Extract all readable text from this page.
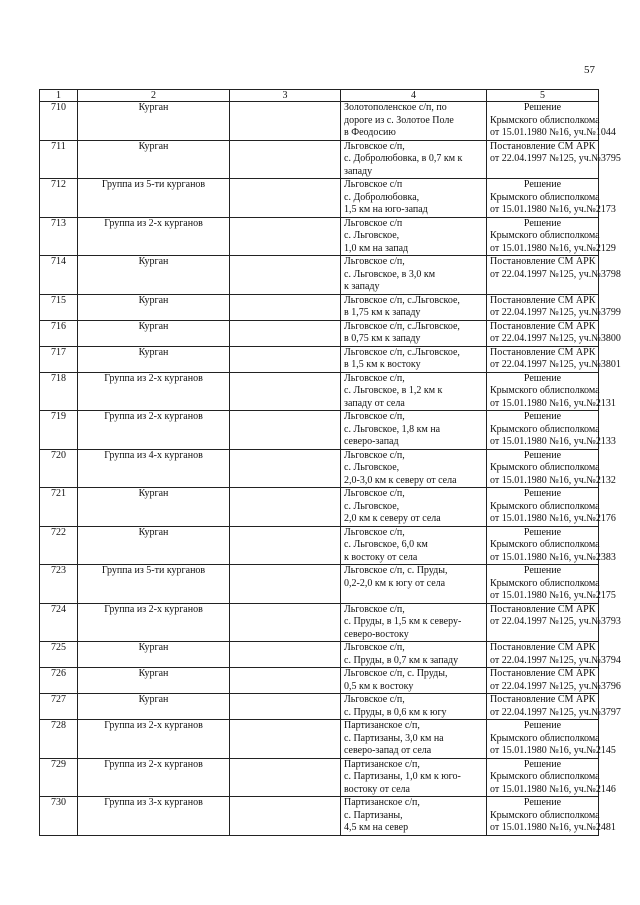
57
1	2	3	4	5
710	Курган		Золотополенское с/п, по
дороге из с. Золотое Поле
в Феодосию	Решение
Крымского облисполкома
от 15.01.1980 №16, уч.№1044

711	Курган		Льговское с/п,
с. Добролюбовка, в 0,7 км к
западу	Постановление СМ АРК
от 22.04.1997 №125, уч.№3795

712	Группа из 5-ти курганов		Льговское с/п
с. Добролюбовка,
1,5 км на юго-запад	Решение
Крымского облисполкома
от 15.01.1980 №16, уч.№2173

713	Группа из 2-х курганов		Льговское с/п
с. Льговское,
1,0 км на запад	Решение
Крымского облисполкома
от 15.01.1980 №16, уч.№2129

714	Курган		Льговское с/п,
с. Льговское, в 3,0 км
к западу	Постановление СМ АРК
от 22.04.1997 №125, уч.№3798

715	Курган		Льговское с/п, с.Льговское,
в 1,75 км к западу	Постановление СМ АРК
от 22.04.1997 №125, уч.№3799

716	Курган		Льговское с/п, с.Льговское,
в 0,75 км к западу	Постановление СМ АРК
от 22.04.1997 №125, уч.№3800

717	Курган		Льговское с/п, с.Льговское,
в 1,5 км к востоку	Постановление СМ АРК
от 22.04.1997 №125, уч.№3801

718	Группа из 2-х курганов		Льговское с/п,
с. Льговское, в 1,2 км к
западу от села	Решение
Крымского облисполкома
от 15.01.1980 №16, уч.№2131

719	Группа из 2-х курганов		Льговское с/п,
с. Льговское, 1,8 км на
северо-запад	Решение
Крымского облисполкома
от 15.01.1980 №16, уч.№2133

720	Группа из 4-х курганов		Льговское с/п,
с. Льговское,
2,0-3,0 км к северу от села	Решение
Крымского облисполкома
от 15.01.1980 №16, уч.№2132

721	Курган		Льговское с/п,
с. Льговское,
2,0 км к северу от села	Решение
Крымского облисполкома
от 15.01.1980 №16, уч.№2176

722	Курган		Льговское с/п,
с. Льговское, 6,0 км
к востоку от села	Решение
Крымского облисполкома
от 15.01.1980 №16, уч.№2383

723	Группа из 5-ти курганов		Льговское с/п, с. Пруды,
0,2-2,0 км к югу от села	Решение
Крымского облисполкома
от 15.01.1980 №16, уч.№2175

724	Группа из 2-х курганов		Льговское с/п,
с. Пруды, в 1,5 км к северу-
северо-востоку	Постановление СМ АРК
от 22.04.1997 №125, уч.№3793

725	Курган		Льговское с/п,
с. Пруды, в 0,7 км к западу	Постановление СМ АРК
от 22.04.1997 №125, уч.№3794

726	Курган		Льговское с/п, с. Пруды,
0,5 км к востоку	Постановление СМ АРК
от 22.04.1997 №125, уч.№3796

727	Курган		Льговское с/п,
с. Пруды, в 0,6 км к югу	Постановление СМ АРК
от 22.04.1997 №125, уч.№3797

728	Группа из 2-х курганов		Партизанское с/п,
с. Партизаны, 3,0 км на
северо-запад от села	Решение
Крымского облисполкома
от 15.01.1980 №16, уч.№2145

729	Группа из 2-х курганов		Партизанское с/п,
с. Партизаны, 1,0 км к юго-
востоку от села	Решение
Крымского облисполкома
от 15.01.1980 №16, уч.№2146

730	Группа из 3-х курганов		Партизанское с/п,
с. Партизаны,
4,5 км на север	Решение
Крымского облисполкома
от 15.01.1980 №16, уч.№2481
